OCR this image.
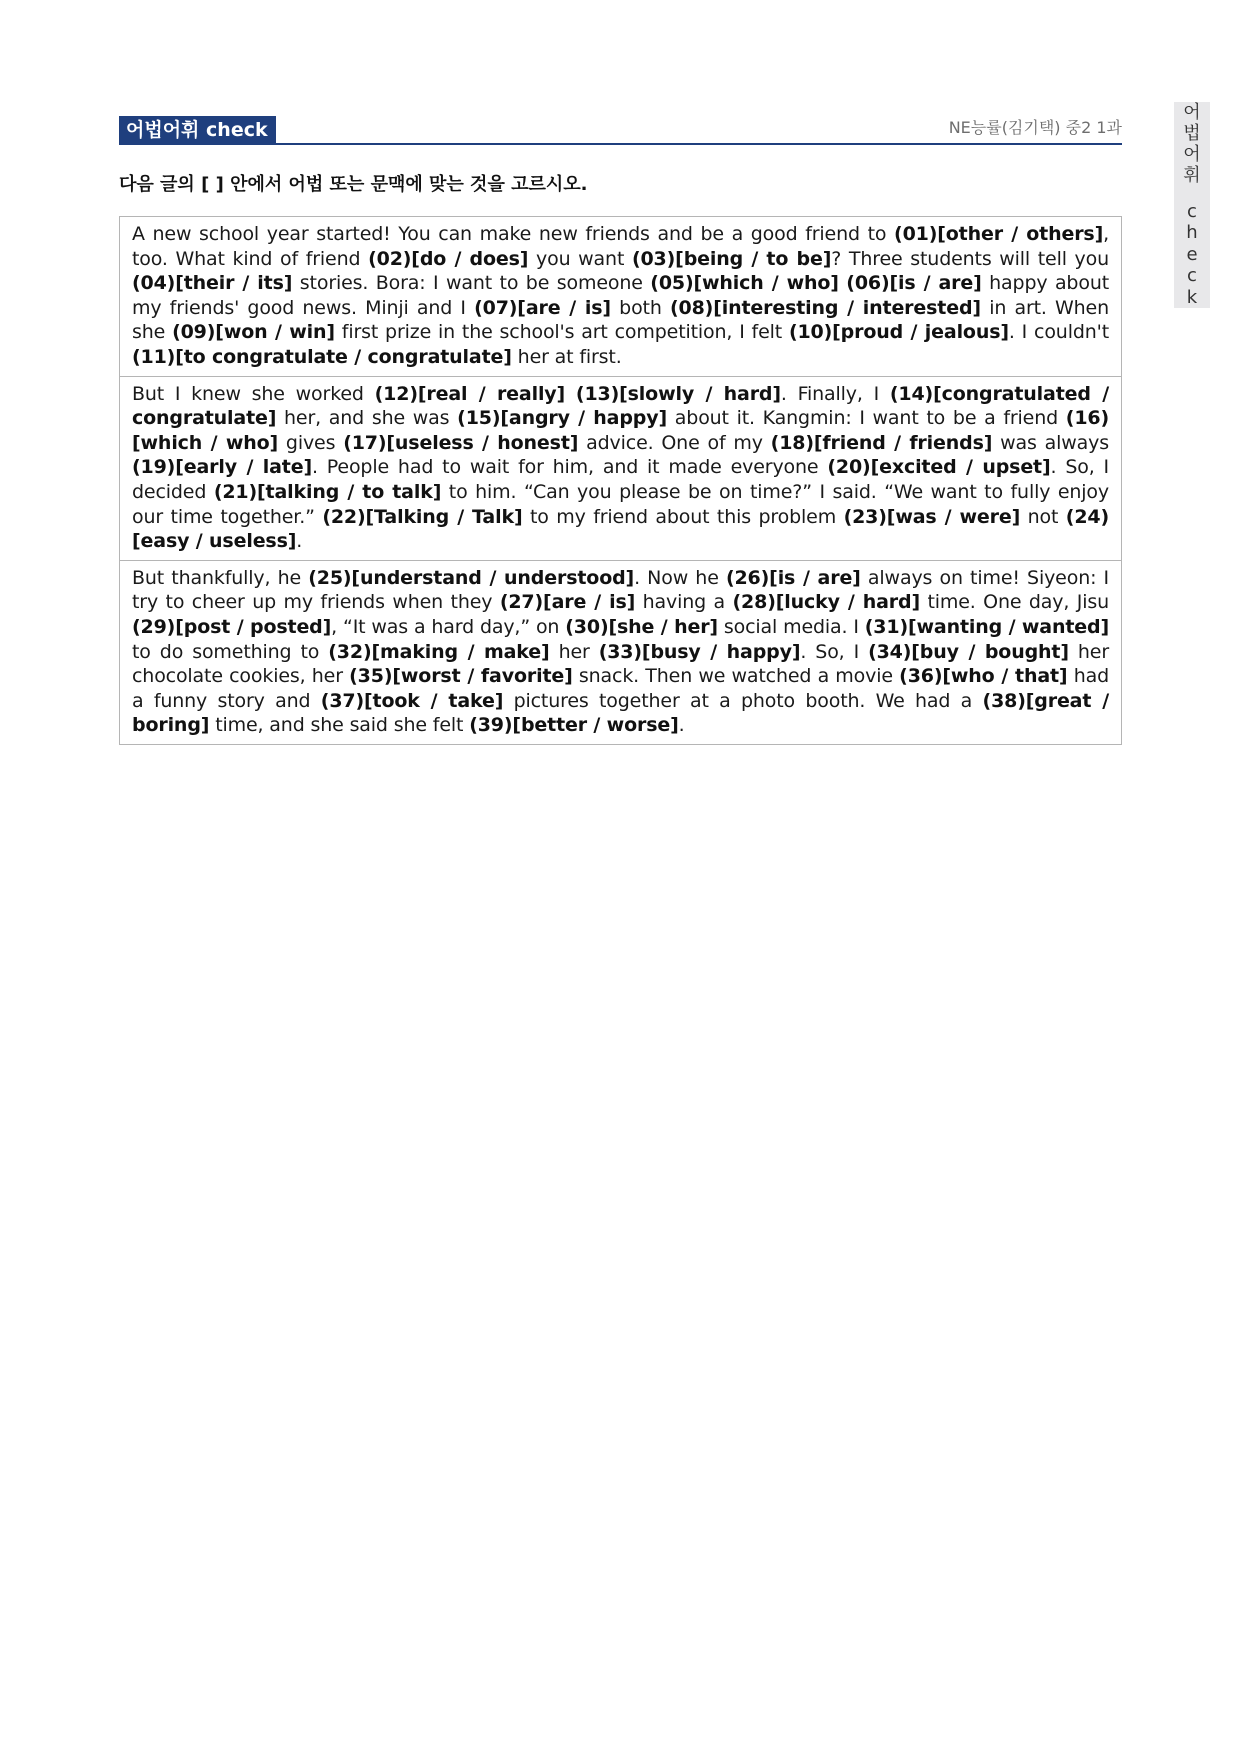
어법어휘 check	NE능률(김기택) 중2 1과
어
법
어
휘
c
h
e
c
k
다음 글의 [ ] 안에서 어법 또는 문맥에 맞는 것을 고르시오.
A new school year started! You can make new friends and be a good friend to (01)[other / others], too. What kind of friend (02)[do / does] you want (03)[being / to be]? Three students will tell you (04)[their / its] stories. Bora: I want to be someone (05)[which / who] (06)[is / are] happy about my friends' good news. Minji and I (07)[are / is] both (08)[interesting / interested] in art. When she (09)[won / win] first prize in the school's art competition, I felt (10)[proud / jealous]. I couldn't (11)[to congratulate / congratulate] her at first.
But I knew she worked (12)[real / really] (13)[slowly / hard]. Finally, I (14)[congratulated / congratulate] her, and she was (15)[angry / happy] about it. Kangmin: I want to be a friend (16)[which / who] gives (17)[useless / honest] advice. One of my (18)[friend / friends] was always (19)[early / late]. People had to wait for him, and it made everyone (20)[excited / upset]. So, I decided (21)[talking / to talk] to him. “Can you please be on time?” I said. “We want to fully enjoy our time together.” (22)[Talking / Talk] to my friend about this problem (23)[was / were] not (24)[easy / useless].
But thankfully, he (25)[understand / understood]. Now he (26)[is / are] always on time! Siyeon: I try to cheer up my friends when they (27)[are / is] having a (28)[lucky / hard] time. One day, Jisu (29)[post / posted], “It was a hard day,” on (30)[she / her] social media. I (31)[wanting / wanted] to do something to (32)[making / make] her (33)[busy / happy]. So, I (34)[buy / bought] her chocolate cookies, her (35)[worst / favorite] snack. Then we watched a movie (36)[who / that] had a funny story and (37)[took / take] pictures together at a photo booth. We had a (38)[great / boring] time, and she said she felt (39)[better / worse].
